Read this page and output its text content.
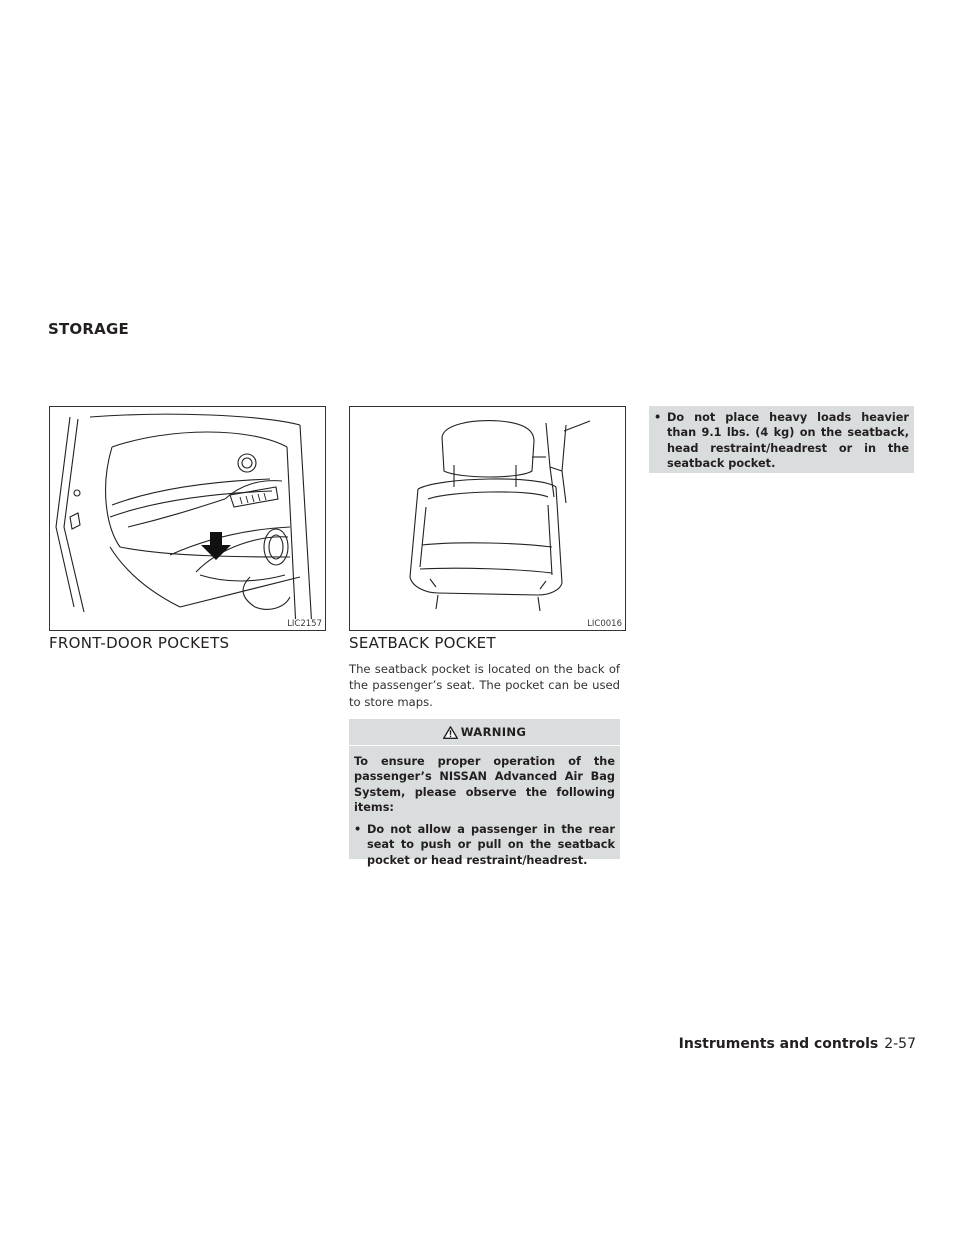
STORAGE
LIC2157	LIC0016
FRONT-DOOR POCKETS	SEATBACK POCKET

The seatback pocket is located on the back of the passenger’s seat. The pocket can be used to store maps.

WARNING

To ensure proper operation of the passenger’s NISSAN Advanced Air Bag System, please observe the following items:

• Do not allow a passenger in the rear seat to push or pull on the seatback pocket or head restraint/headrest.
• Do not place heavy loads heavier than 9.1 lbs. (4 kg) on the seatback, head restraint/headrest or in the seatback pocket.
Instruments and controls 2-57
